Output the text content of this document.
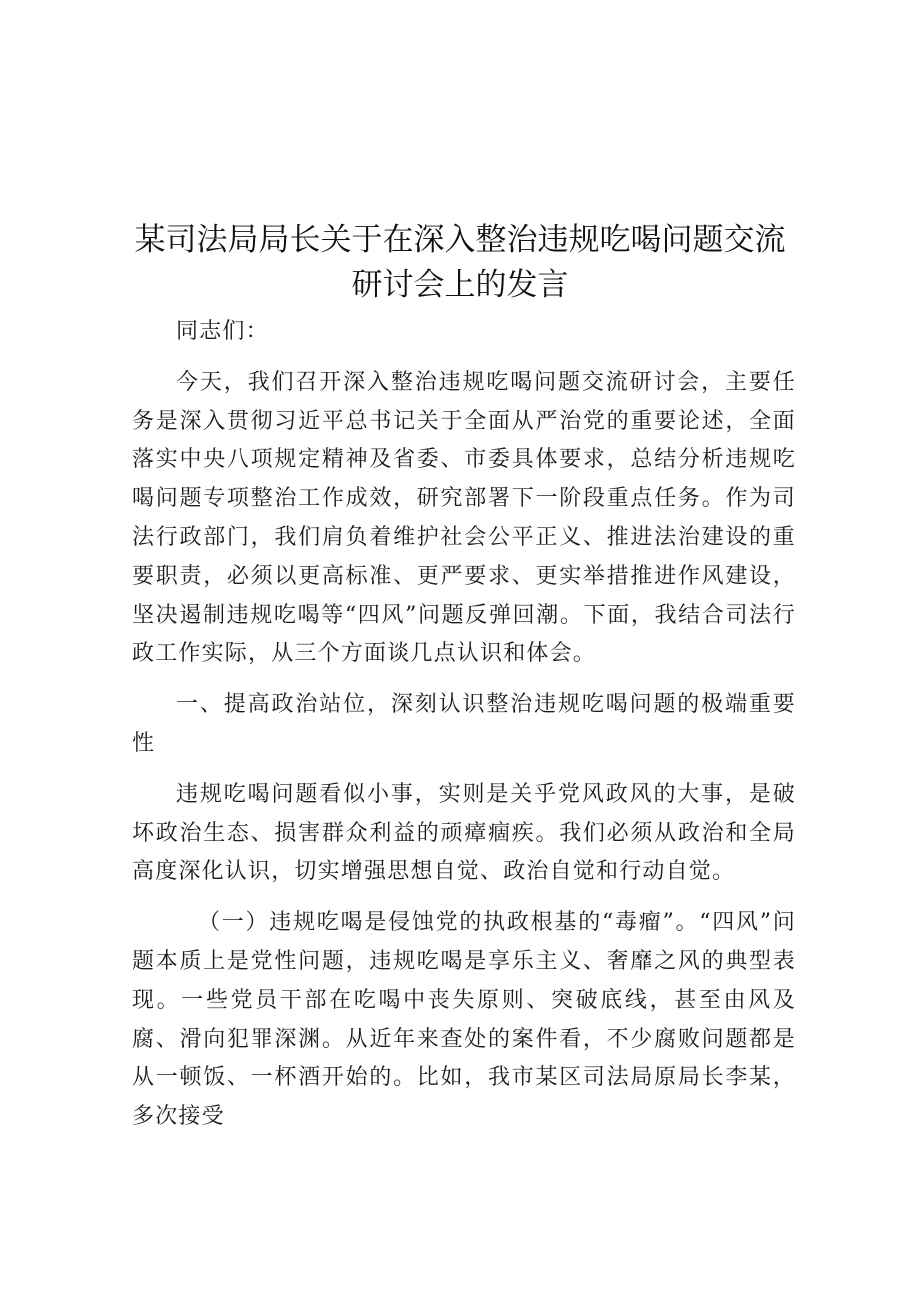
某司法局局长关于在深入整治违规吃喝问题交流研讨会上的发言

同志们：

今天，我们召开深入整治违规吃喝问题交流研讨会，主要任务是深入贯彻习近平总书记关于全面从严治党的重要论述，全面落实中央八项规定精神及省委、市委具体要求，总结分析违规吃喝问题专项整治工作成效，研究部署下一阶段重点任务。作为司法行政部门，我们肩负着维护社会公平正义、推进法治建设的重要职责，必须以更高标准、更严要求、更实举措推进作风建设，坚决遏制违规吃喝等“四风”问题反弹回潮。下面，我结合司法行政工作实际，从三个方面谈几点认识和体会。

一、提高政治站位，深刻认识整治违规吃喝问题的极端重要性

违规吃喝问题看似小事，实则是关乎党风政风的大事，是破坏政治生态、损害群众利益的顽瘴痼疾。我们必须从政治和全局高度深化认识，切实增强思想自觉、政治自觉和行动自觉。

（一）违规吃喝是侵蚀党的执政根基的“毒瘤”。“四风”问题本质上是党性问题，违规吃喝是享乐主义、奢靡之风的典型表现。一些党员干部在吃喝中丧失原则、突破底线，甚至由风及腐、滑向犯罪深渊。从近年来查处的案件看，不少腐败问题都是从一顿饭、一杯酒开始的。比如，我市某区司法局原局长李某，多次接受
